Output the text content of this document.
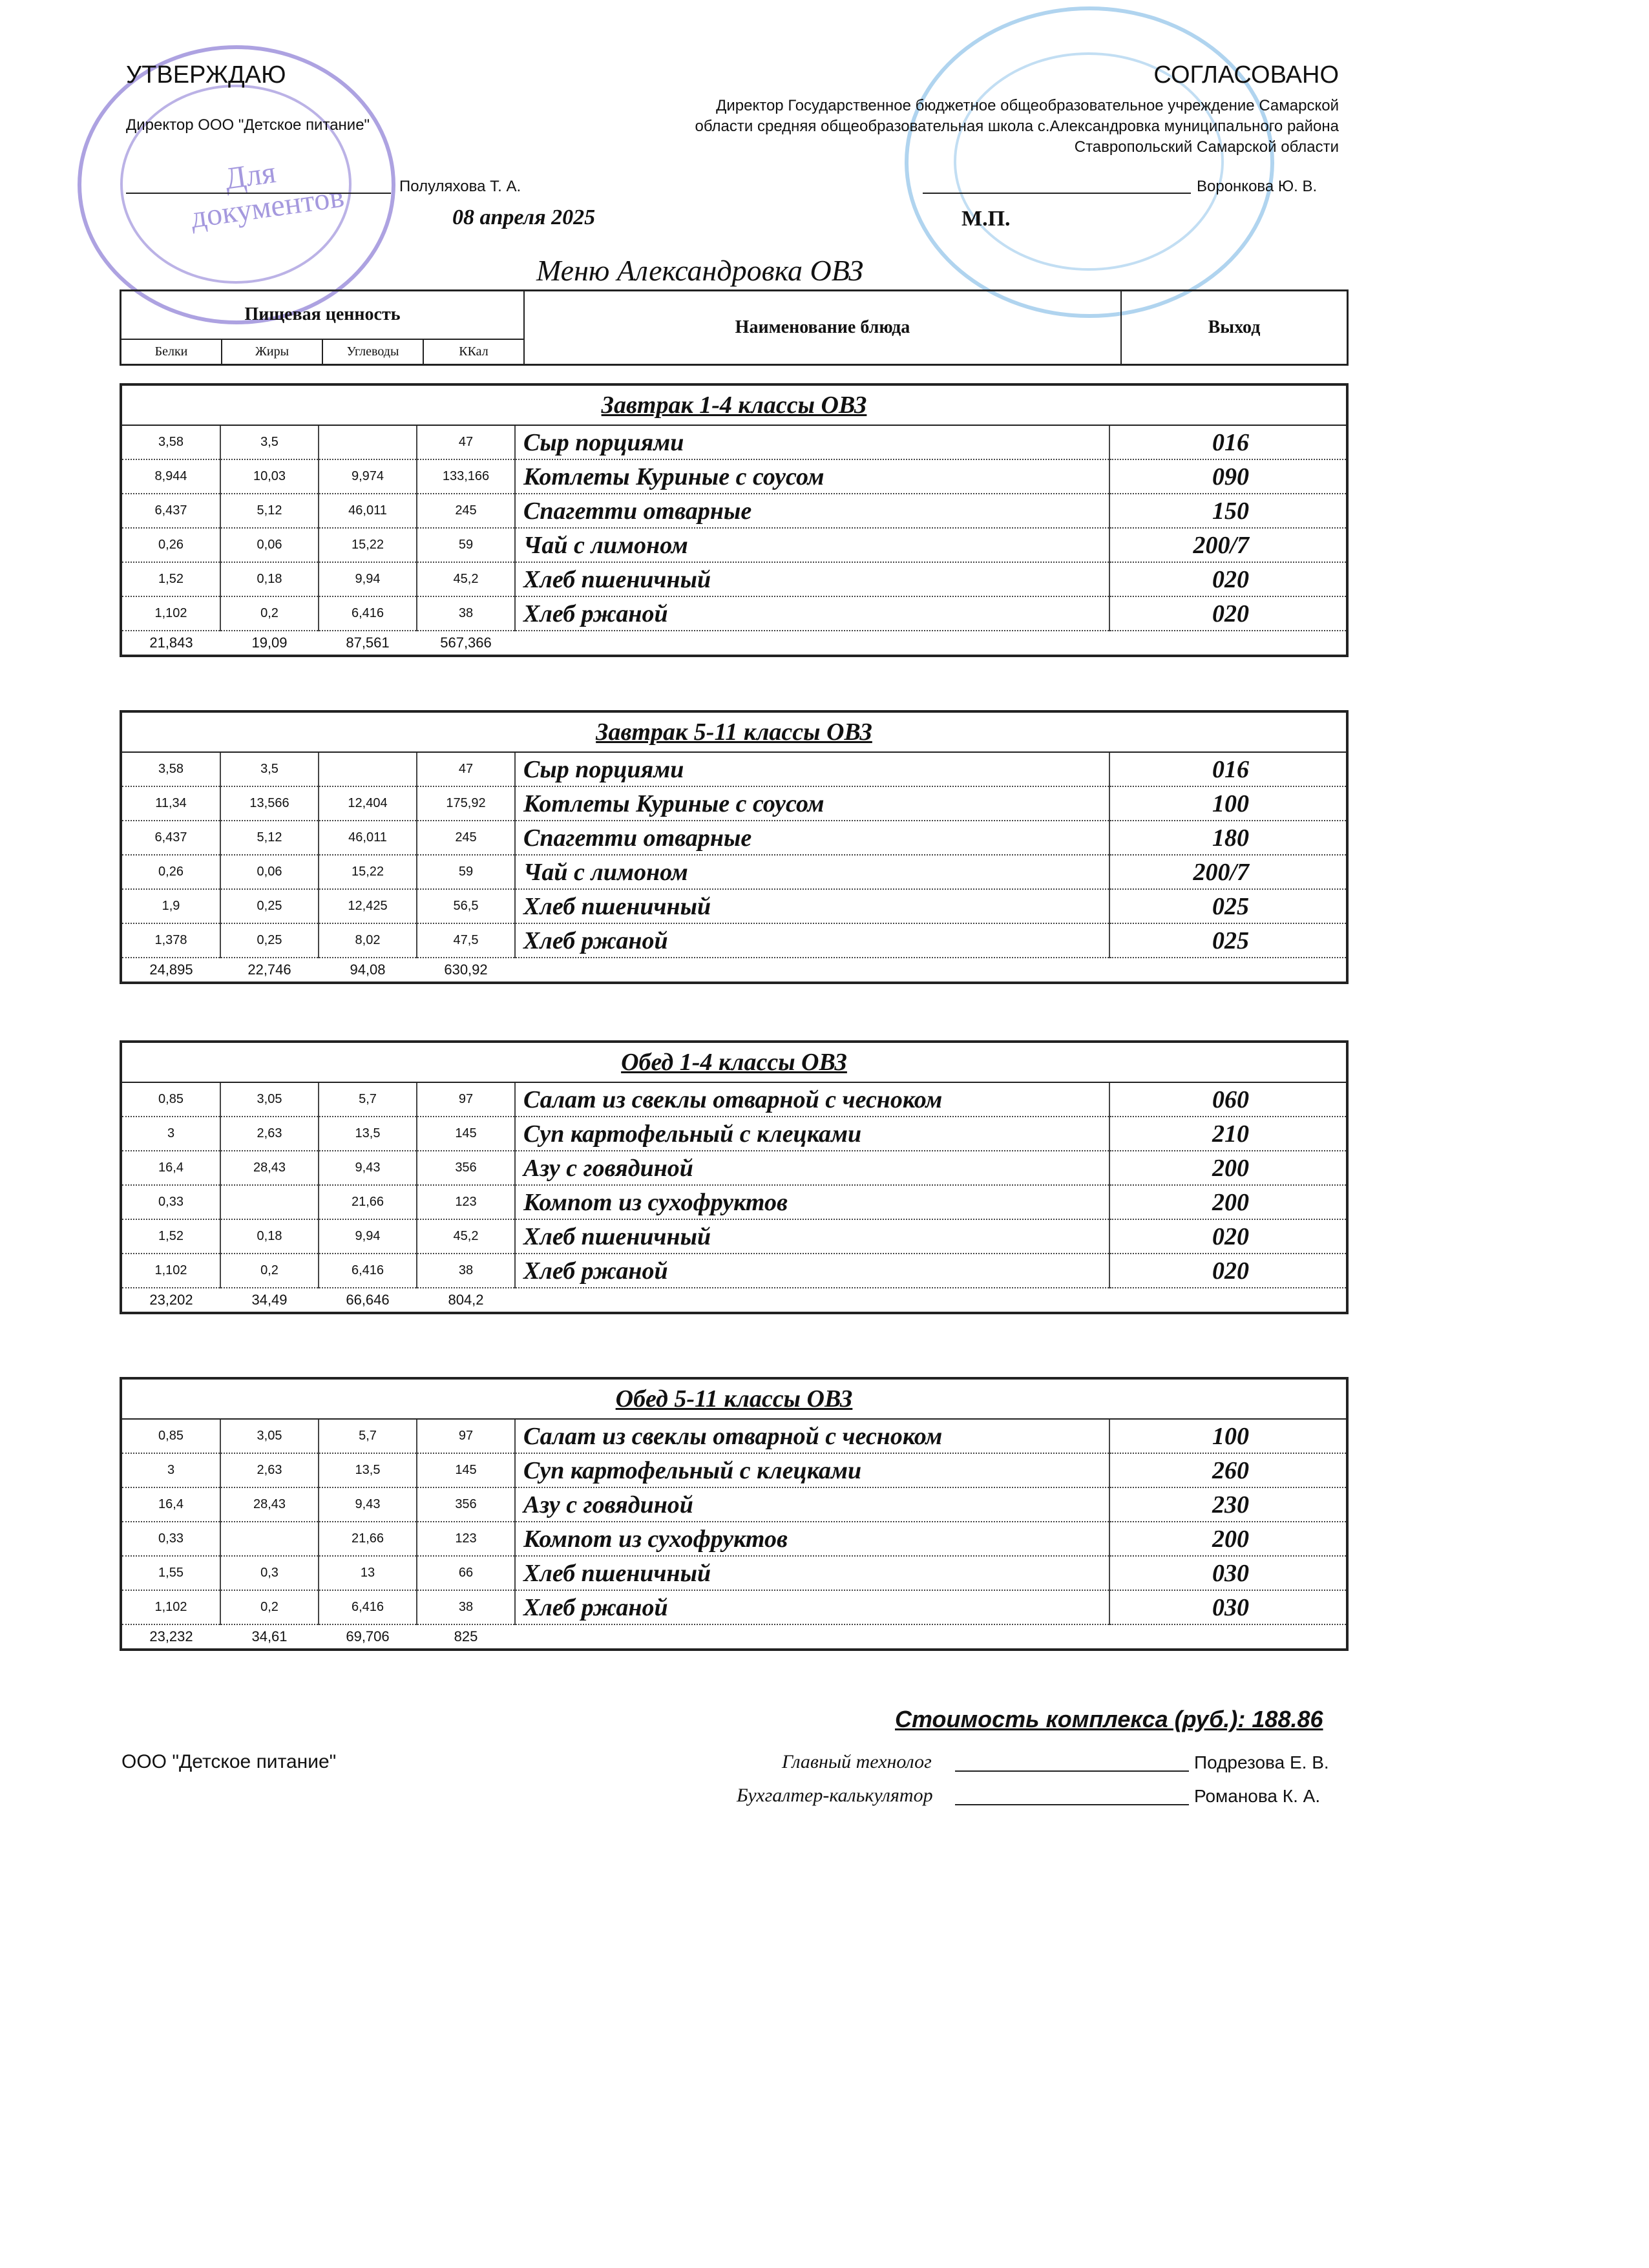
Для документов
УТВЕРЖДАЮ
Директор ООО "Детское питание"
Полуляхова Т. А.
08 апреля 2025
СОГЛАСОВАНО
Директор Государственное бюджетное общеобразовательное учреждение Самарской
области средняя общеобразовательная школа с.Александровка муниципального района
Ставропольский Самарской области
Воронкова Ю. В.
М.П.
Меню Александровка ОВЗ
Пищевая ценность				Наименование блюда	Выход
Белки	Жиры	Углеводы	ККал		
Завтрак 1-4 классы ОВЗ
3,58	3,5		47	Сыр порциями	016
8,944	10,03	9,974	133,166	Котлеты Куриные с соусом	090
6,437	5,12	46,011	245	Спагетти отварные	150
0,26	0,06	15,22	59	Чай с лимоном	200/7
1,52	0,18	9,94	45,2	Хлеб пшеничный	020
1,102	0,2	6,416	38	Хлеб ржаной	020
21,843	19,09	87,561	567,366		
Завтрак 5-11 классы ОВЗ
3,58	3,5		47	Сыр порциями	016
11,34	13,566	12,404	175,92	Котлеты Куриные с соусом	100
6,437	5,12	46,011	245	Спагетти отварные	180
0,26	0,06	15,22	59	Чай с лимоном	200/7
1,9	0,25	12,425	56,5	Хлеб пшеничный	025
1,378	0,25	8,02	47,5	Хлеб ржаной	025
24,895	22,746	94,08	630,92		
Обед 1-4 классы ОВЗ
0,85	3,05	5,7	97	Салат из свеклы отварной с чесноком	060
3	2,63	13,5	145	Суп картофельный с клецками	210
16,4	28,43	9,43	356	Азу с говядиной	200
0,33		21,66	123	Компот из сухофруктов	200
1,52	0,18	9,94	45,2	Хлеб пшеничный	020
1,102	0,2	6,416	38	Хлеб ржаной	020
23,202	34,49	66,646	804,2		
Обед 5-11 классы ОВЗ
0,85	3,05	5,7	97	Салат из свеклы отварной с чесноком	100
3	2,63	13,5	145	Суп картофельный с клецками	260
16,4	28,43	9,43	356	Азу с говядиной	230
0,33		21,66	123	Компот из сухофруктов	200
1,55	0,3	13	66	Хлеб пшеничный	030
1,102	0,2	6,416	38	Хлеб ржаной	030
23,232	34,61	69,706	825		
Стоимость комплекса (руб.): 188.86
ООО "Детское питание"	Главный технолог	Подрезова Е. В.
Бухгалтер-калькулятор	Романова К. А.
